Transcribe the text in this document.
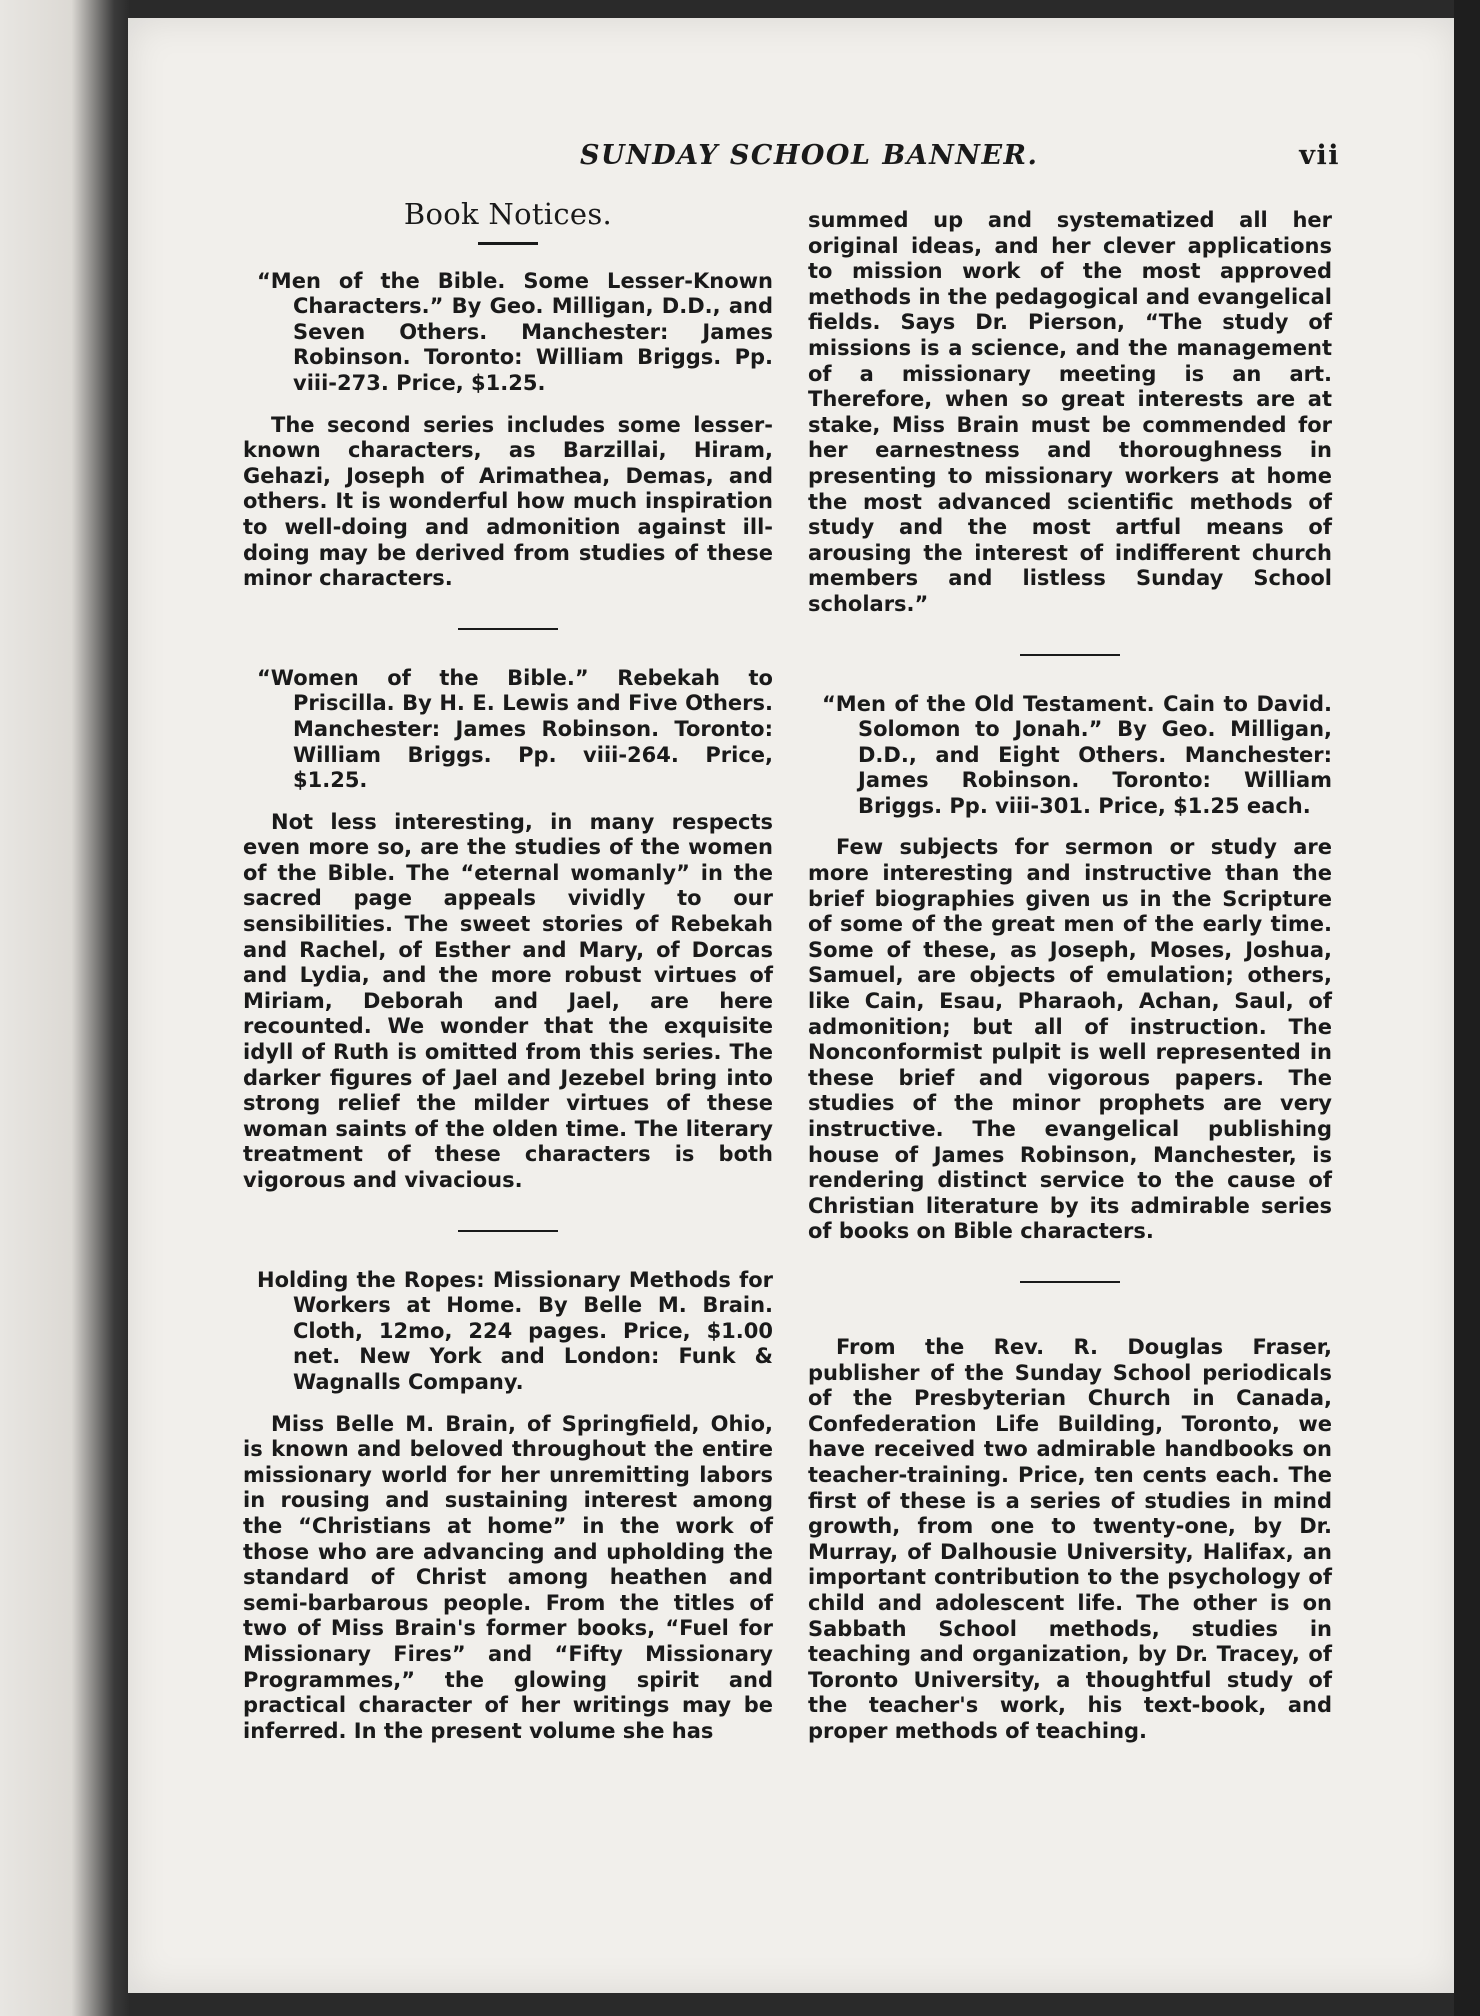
SUNDAY SCHOOL BANNER.	vii
Book Notices.

“Men of the Bible. Some Lesser-Known Characters.” By Geo. Milligan, D.D., and Seven Others. Manchester: James Robinson. Toronto: William Briggs. Pp. viii-273. Price, $1.25.

The second series includes some lesser-known characters, as Barzillai, Hiram, Gehazi, Joseph of Arimathea, Demas, and others. It is wonderful how much inspiration to well-doing and admonition against ill-doing may be derived from studies of these minor characters.

“Women of the Bible.” Rebekah to Priscilla. By H. E. Lewis and Five Others. Manchester: James Robinson. Toronto: William Briggs. Pp. viii-264. Price, $1.25.

Not less interesting, in many respects even more so, are the studies of the women of the Bible. The “eternal womanly” in the sacred page appeals vividly to our sensibilities. The sweet stories of Rebekah and Rachel, of Esther and Mary, of Dorcas and Lydia, and the more robust virtues of Miriam, Deborah and Jael, are here recounted. We wonder that the exquisite idyll of Ruth is omitted from this series. The darker figures of Jael and Jezebel bring into strong relief the milder virtues of these woman saints of the olden time. The literary treatment of these characters is both vigorous and vivacious.

Holding the Ropes: Missionary Methods for Workers at Home. By Belle M. Brain. Cloth, 12mo, 224 pages. Price, $1.00 net. New York and London: Funk & Wagnalls Company.

Miss Belle M. Brain, of Springfield, Ohio, is known and beloved throughout the entire missionary world for her unremitting labors in rousing and sustaining interest among the “Christians at home” in the work of those who are advancing and upholding the standard of Christ among heathen and semi-barbarous people. From the titles of two of Miss Brain's former books, “Fuel for Missionary Fires” and “Fifty Missionary Programmes,” the glowing spirit and practical character of her writings may be inferred. In the present volume she has

summed up and systematized all her original ideas, and her clever applications to mission work of the most approved methods in the pedagogical and evangelical fields. Says Dr. Pierson, “The study of missions is a science, and the management of a missionary meeting is an art. Therefore, when so great interests are at stake, Miss Brain must be commended for her earnestness and thoroughness in presenting to missionary workers at home the most advanced scientific methods of study and the most artful means of arousing the interest of indifferent church members and listless Sunday School scholars.”

“Men of the Old Testament. Cain to David. Solomon to Jonah.” By Geo. Milligan, D.D., and Eight Others. Manchester: James Robinson. Toronto: William Briggs. Pp. viii-301. Price, $1.25 each.

Few subjects for sermon or study are more interesting and instructive than the brief biographies given us in the Scripture of some of the great men of the early time. Some of these, as Joseph, Moses, Joshua, Samuel, are objects of emulation; others, like Cain, Esau, Pharaoh, Achan, Saul, of admonition; but all of instruction. The Nonconformist pulpit is well represented in these brief and vigorous papers. The studies of the minor prophets are very instructive. The evangelical publishing house of James Robinson, Manchester, is rendering distinct service to the cause of Christian literature by its admirable series of books on Bible characters.

From the Rev. R. Douglas Fraser, publisher of the Sunday School periodicals of the Presbyterian Church in Canada, Confederation Life Building, Toronto, we have received two admirable handbooks on teacher-training. Price, ten cents each. The first of these is a series of studies in mind growth, from one to twenty-one, by Dr. Murray, of Dalhousie University, Halifax, an important contribution to the psychology of child and adolescent life. The other is on Sabbath School methods, studies in teaching and organization, by Dr. Tracey, of Toronto University, a thoughtful study of the teacher's work, his text-book, and proper methods of teaching.
